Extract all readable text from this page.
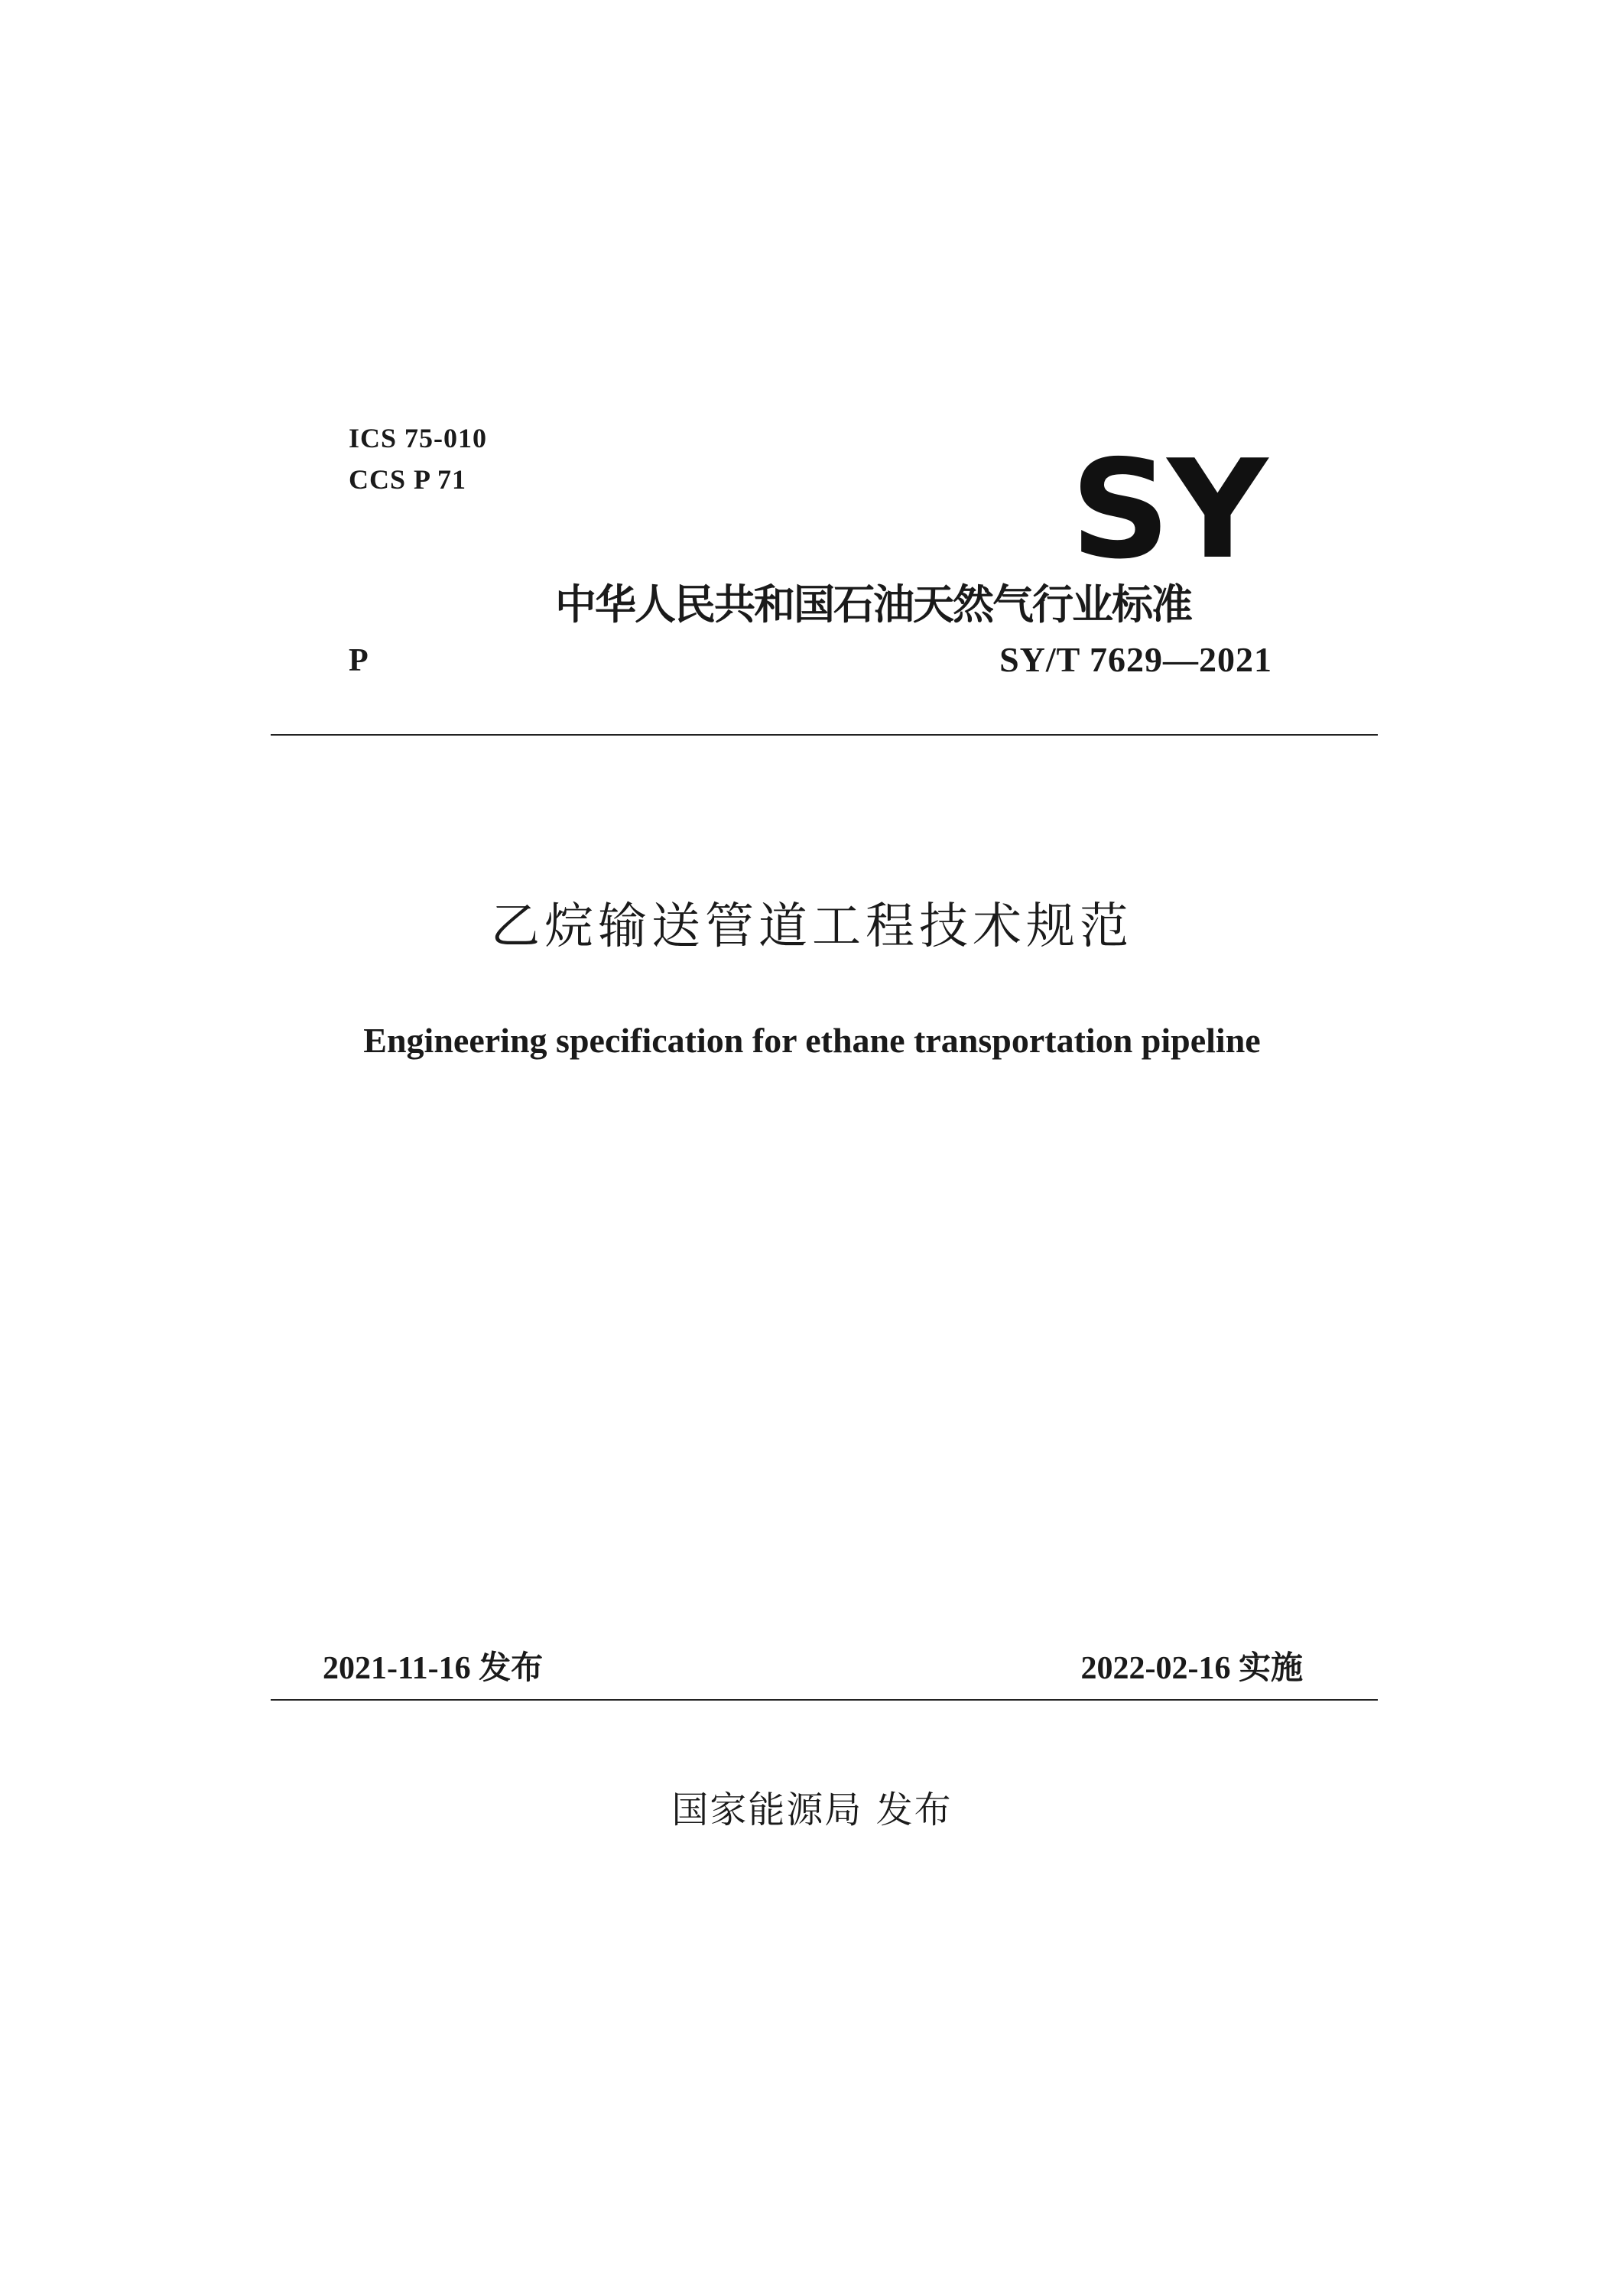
ICS 75-010
CCS P 71	SY
中华人民共和国石油天然气行业标准
P	SY/T 7629—2021
乙烷输送管道工程技术规范
Engineering specification for ethane transportation pipeline
2021-11-16 发布	2022-02-16 实施
国家能源局 发布
